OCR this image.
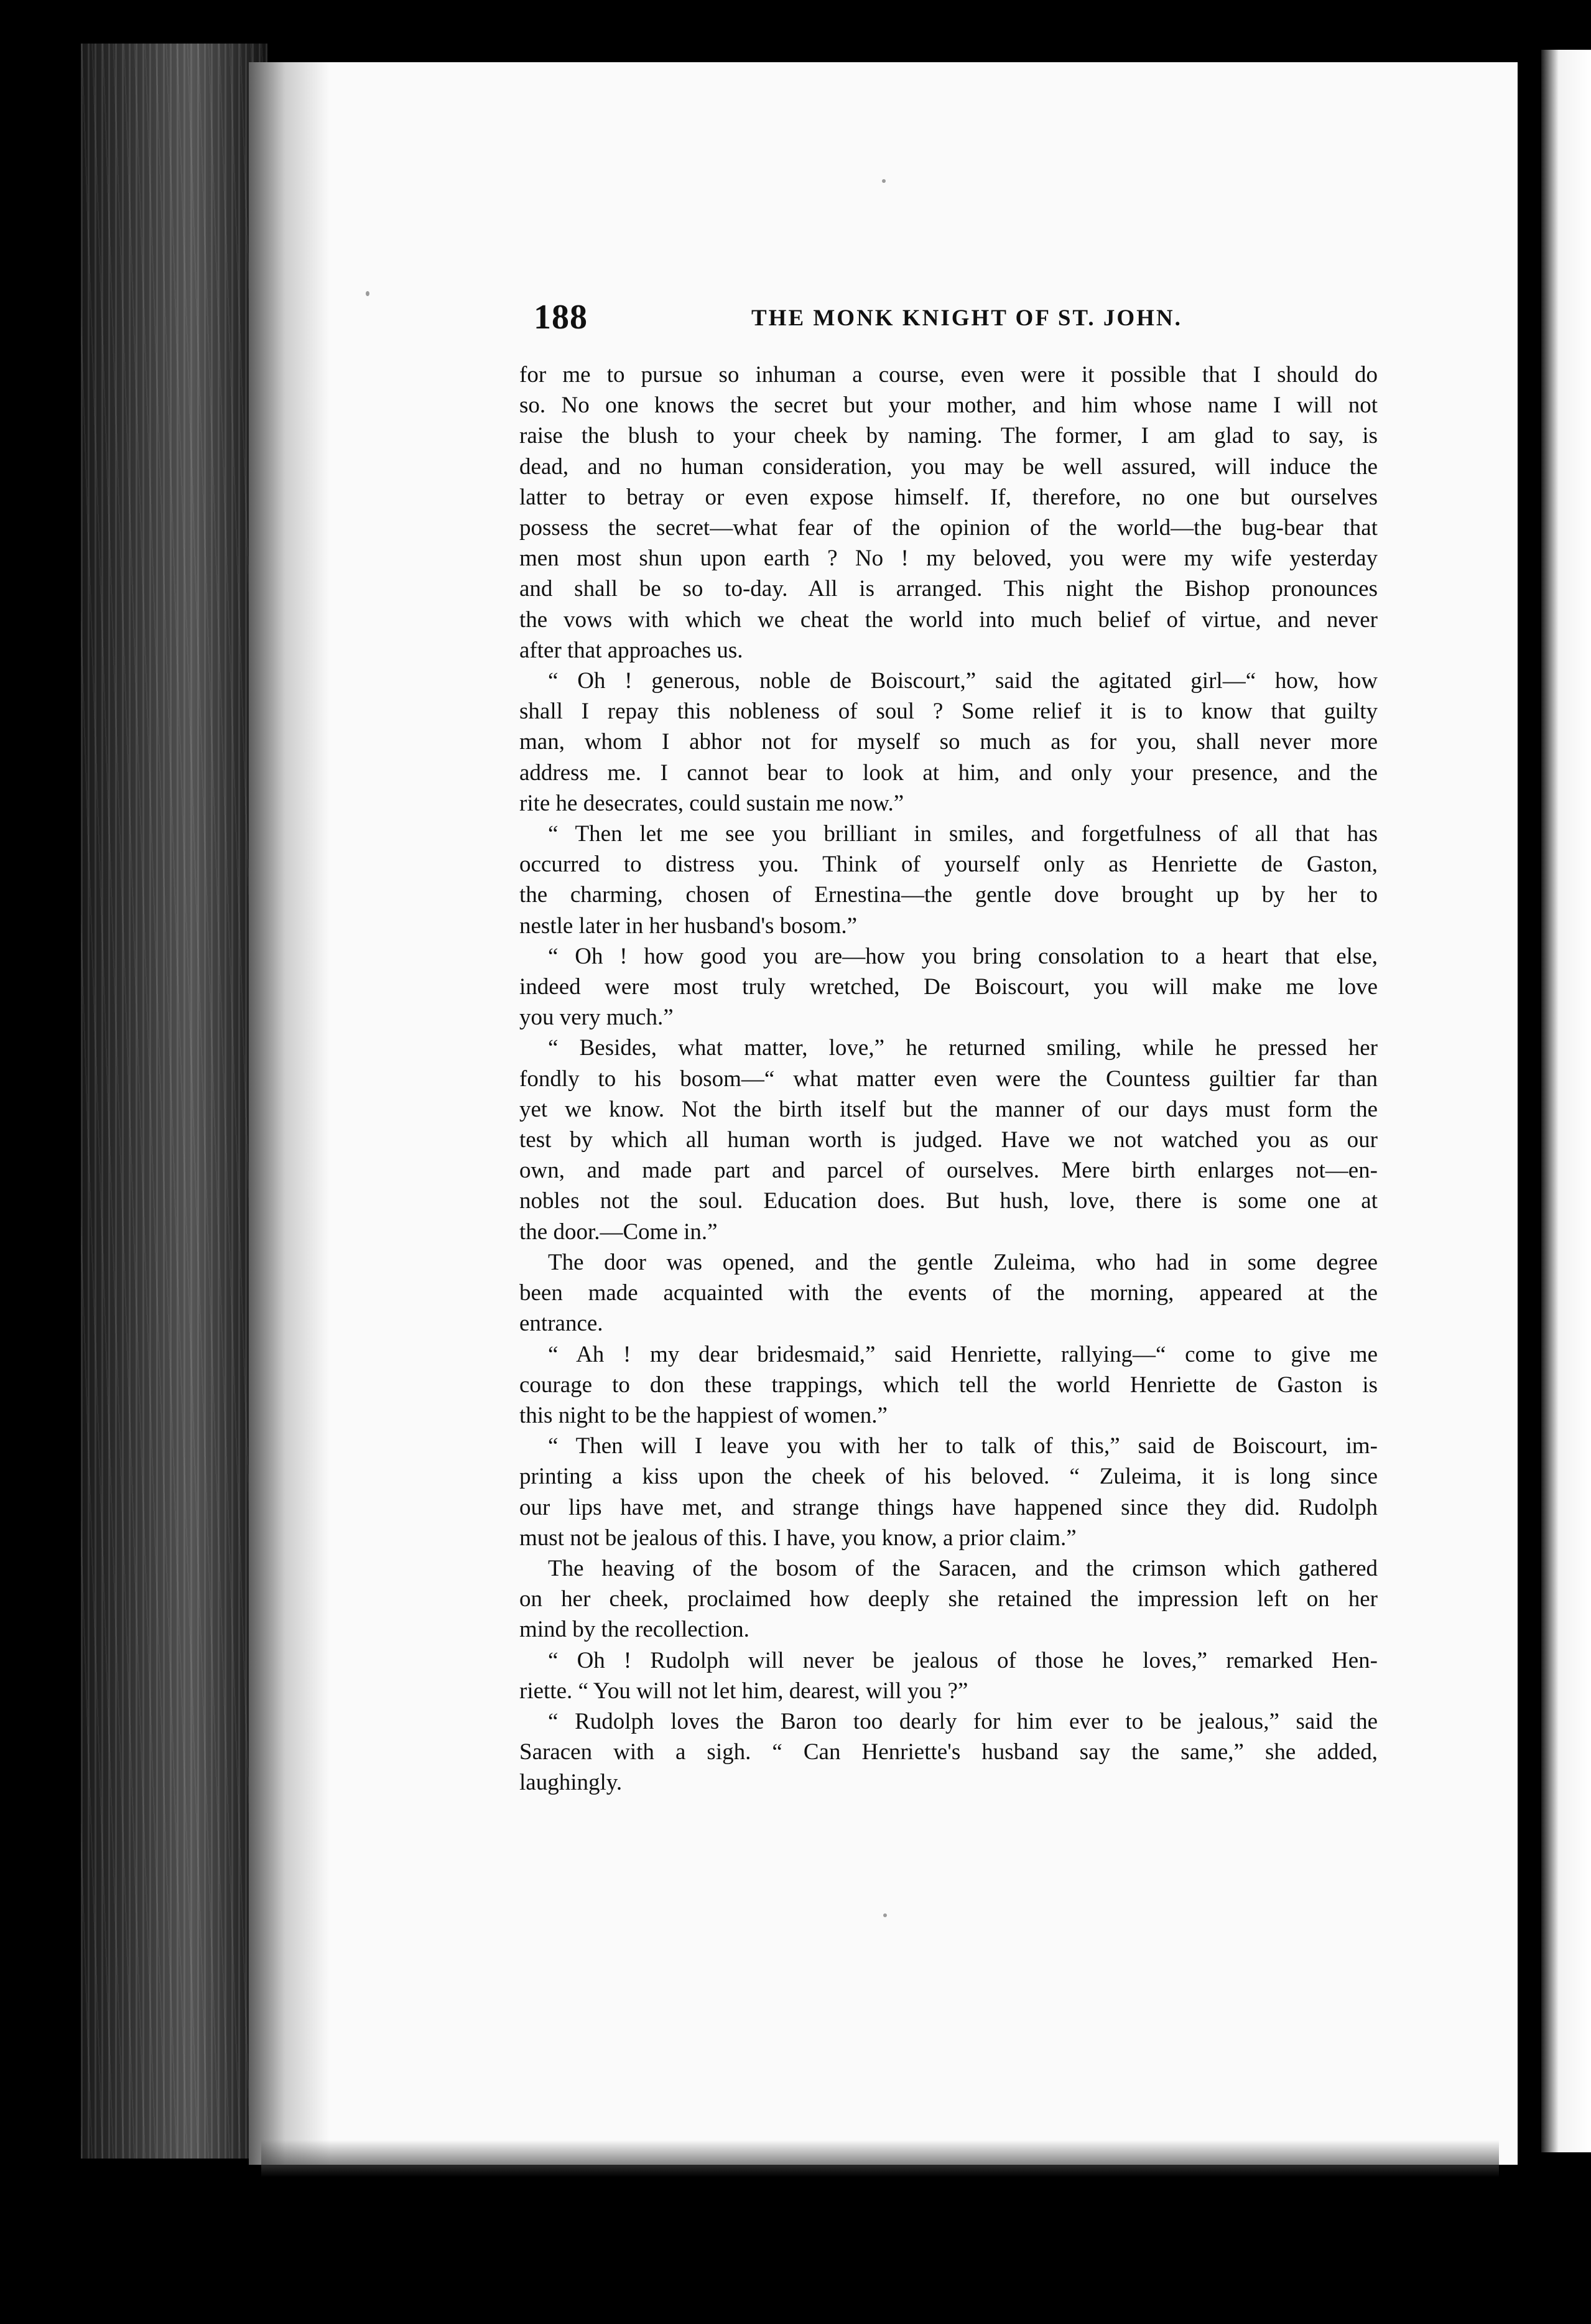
188	THE MONK KNIGHT OF ST. JOHN.
for me to pursue so inhuman a course, even were it possible that I should do
so. No one knows the secret but your mother, and him whose name I will not
raise the blush to your cheek by naming. The former, I am glad to say, is
dead, and no human consideration, you may be well assured, will induce the
latter to betray or even expose himself. If, therefore, no one but ourselves
possess the secret—what fear of the opinion of the world—the bug-bear that
men most shun upon earth ? No ! my beloved, you were my wife yesterday
and shall be so to-day. All is arranged. This night the Bishop pronounces
the vows with which we cheat the world into much belief of virtue, and never
after that approaches us.
“ Oh ! generous, noble de Boiscourt,” said the agitated girl—“ how, how
shall I repay this nobleness of soul ? Some relief it is to know that guilty
man, whom I abhor not for myself so much as for you, shall never more
address me. I cannot bear to look at him, and only your presence, and the
rite he desecrates, could sustain me now.”
“ Then let me see you brilliant in smiles, and forgetfulness of all that has
occurred to distress you. Think of yourself only as Henriette de Gaston,
the charming, chosen of Ernestina—the gentle dove brought up by her to
nestle later in her husband's bosom.”
“ Oh ! how good you are—how you bring consolation to a heart that else,
indeed were most truly wretched, De Boiscourt, you will make me love
you very much.”
“ Besides, what matter, love,” he returned smiling, while he pressed her
fondly to his bosom—“ what matter even were the Countess guiltier far than
yet we know. Not the birth itself but the manner of our days must form the
test by which all human worth is judged. Have we not watched you as our
own, and made part and parcel of ourselves. Mere birth enlarges not—en-
nobles not the soul. Education does. But hush, love, there is some one at
the door.—Come in.”
The door was opened, and the gentle Zuleima, who had in some degree
been made acquainted with the events of the morning, appeared at the
entrance.
“ Ah ! my dear bridesmaid,” said Henriette, rallying—“ come to give me
courage to don these trappings, which tell the world Henriette de Gaston is
this night to be the happiest of women.”
“ Then will I leave you with her to talk of this,” said de Boiscourt, im-
printing a kiss upon the cheek of his beloved. “ Zuleima, it is long since
our lips have met, and strange things have happened since they did. Rudolph
must not be jealous of this. I have, you know, a prior claim.”
The heaving of the bosom of the Saracen, and the crimson which gathered
on her cheek, proclaimed how deeply she retained the impression left on her
mind by the recollection.
“ Oh ! Rudolph will never be jealous of those he loves,” remarked Hen-
riette. “ You will not let him, dearest, will you ?”
“ Rudolph loves the Baron too dearly for him ever to be jealous,” said the
Saracen with a sigh. “ Can Henriette's husband say the same,” she added,
laughingly.
